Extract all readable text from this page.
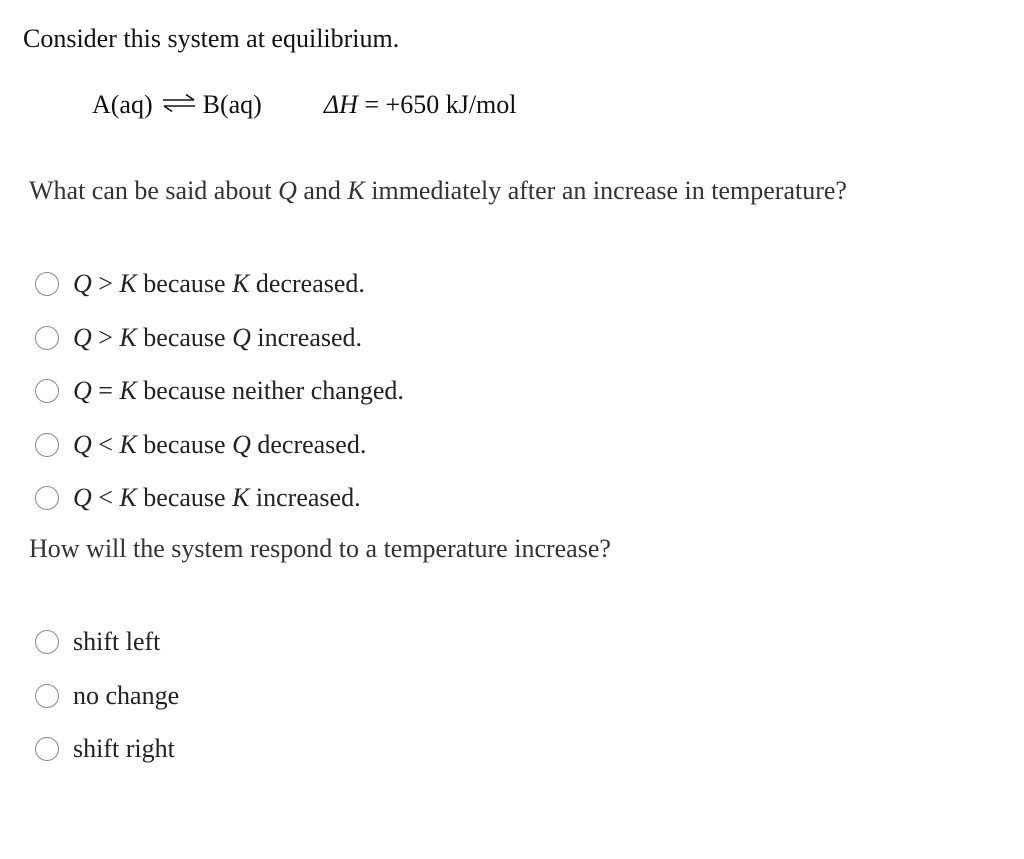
Consider this system at equilibrium.
A(aq) ⇌ B(aq) ΔH = +650 kJ/mol
What can be said about Q and K immediately after an increase in temperature?
Q > K because K decreased.
Q > K because Q increased.
Q = K because neither changed.
Q < K because Q decreased.
Q < K because K increased.
How will the system respond to a temperature increase?
shift left
no change
shift right
